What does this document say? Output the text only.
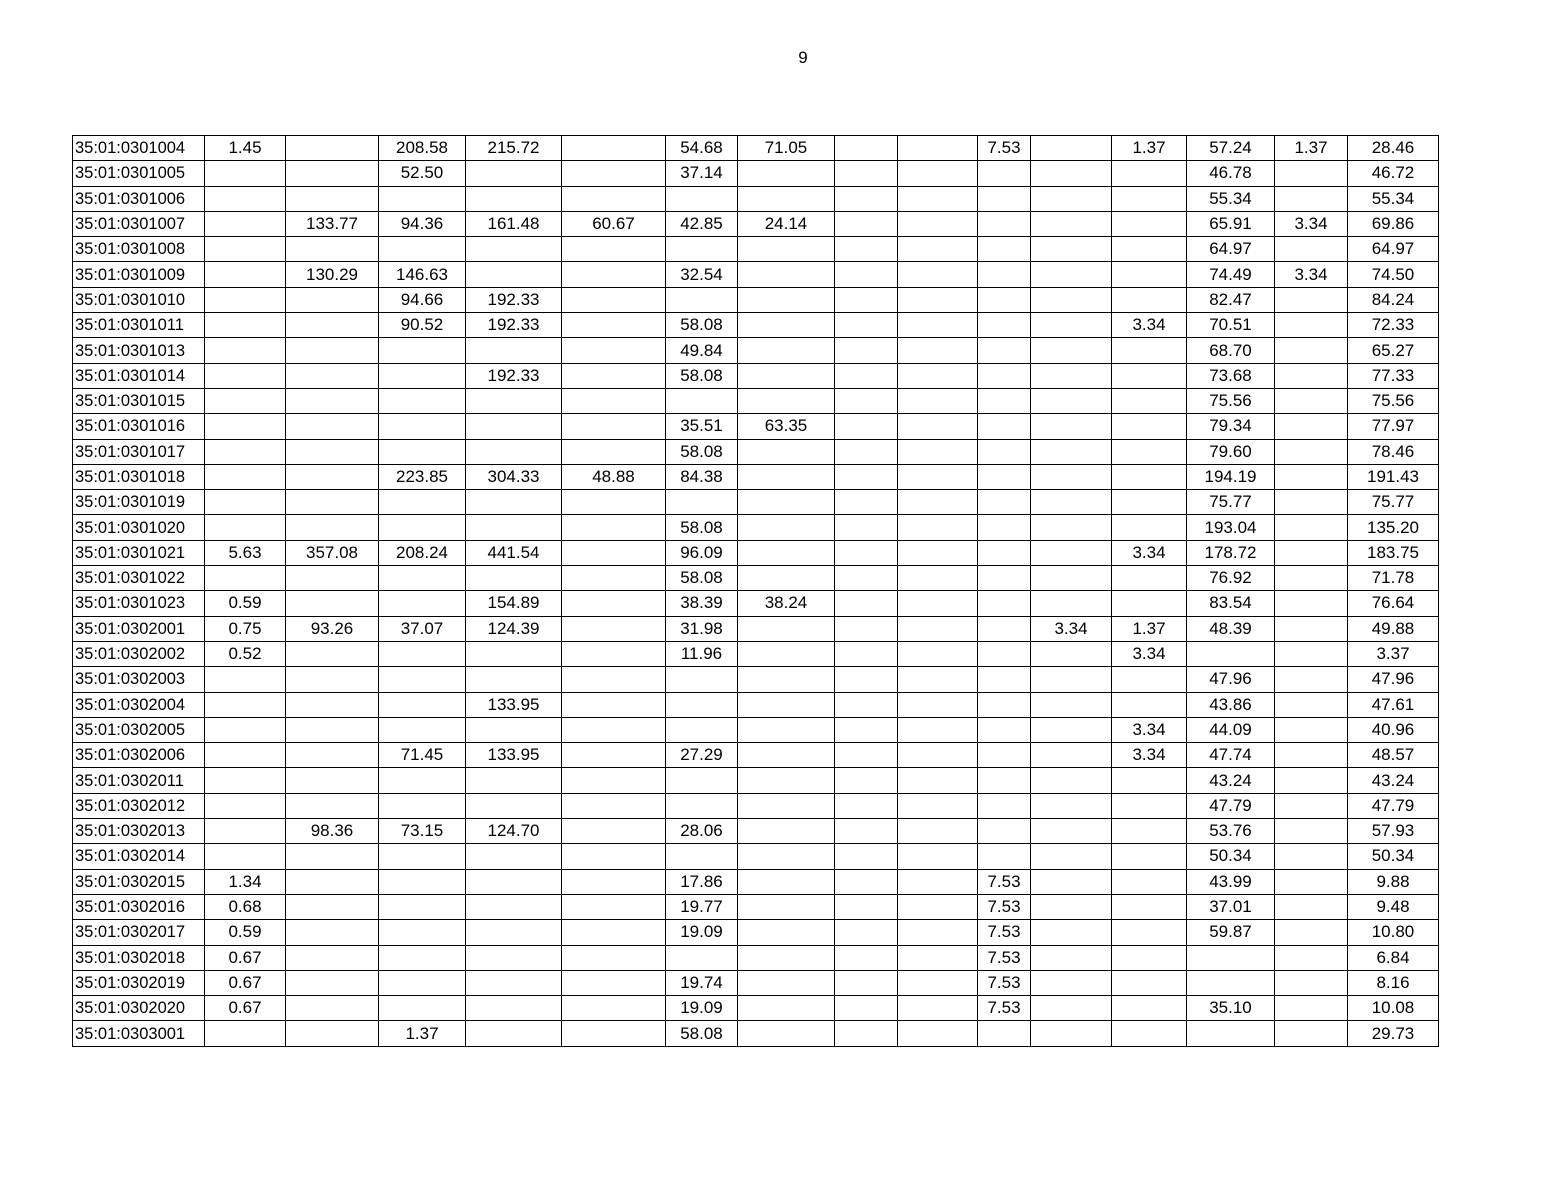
9
35:01:0301004	1.45		208.58	215.72		54.68	71.05			7.53		1.37	57.24	1.37	28.46
35:01:0301005			52.50			37.14							46.78		46.72
35:01:0301006													55.34		55.34
35:01:0301007		133.77	94.36	161.48	60.67	42.85	24.14						65.91	3.34	69.86
35:01:0301008													64.97		64.97
35:01:0301009		130.29	146.63			32.54							74.49	3.34	74.50
35:01:0301010			94.66	192.33									82.47		84.24
35:01:0301011			90.52	192.33		58.08						3.34	70.51		72.33
35:01:0301013						49.84							68.70		65.27
35:01:0301014				192.33		58.08							73.68		77.33
35:01:0301015													75.56		75.56
35:01:0301016						35.51	63.35						79.34		77.97
35:01:0301017						58.08							79.60		78.46
35:01:0301018			223.85	304.33	48.88	84.38							194.19		191.43
35:01:0301019													75.77		75.77
35:01:0301020						58.08							193.04		135.20
35:01:0301021	5.63	357.08	208.24	441.54		96.09						3.34	178.72		183.75
35:01:0301022						58.08							76.92		71.78
35:01:0301023	0.59			154.89		38.39	38.24						83.54		76.64
35:01:0302001	0.75	93.26	37.07	124.39		31.98					3.34	1.37	48.39		49.88
35:01:0302002	0.52					11.96						3.34			3.37
35:01:0302003													47.96		47.96
35:01:0302004				133.95									43.86		47.61
35:01:0302005												3.34	44.09		40.96
35:01:0302006			71.45	133.95		27.29						3.34	47.74		48.57
35:01:0302011													43.24		43.24
35:01:0302012													47.79		47.79
35:01:0302013		98.36	73.15	124.70		28.06							53.76		57.93
35:01:0302014													50.34		50.34
35:01:0302015	1.34					17.86				7.53			43.99		9.88
35:01:0302016	0.68					19.77				7.53			37.01		9.48
35:01:0302017	0.59					19.09				7.53			59.87		10.80
35:01:0302018	0.67									7.53					6.84
35:01:0302019	0.67					19.74				7.53					8.16
35:01:0302020	0.67					19.09				7.53			35.10		10.08
35:01:0303001			1.37			58.08									29.73
